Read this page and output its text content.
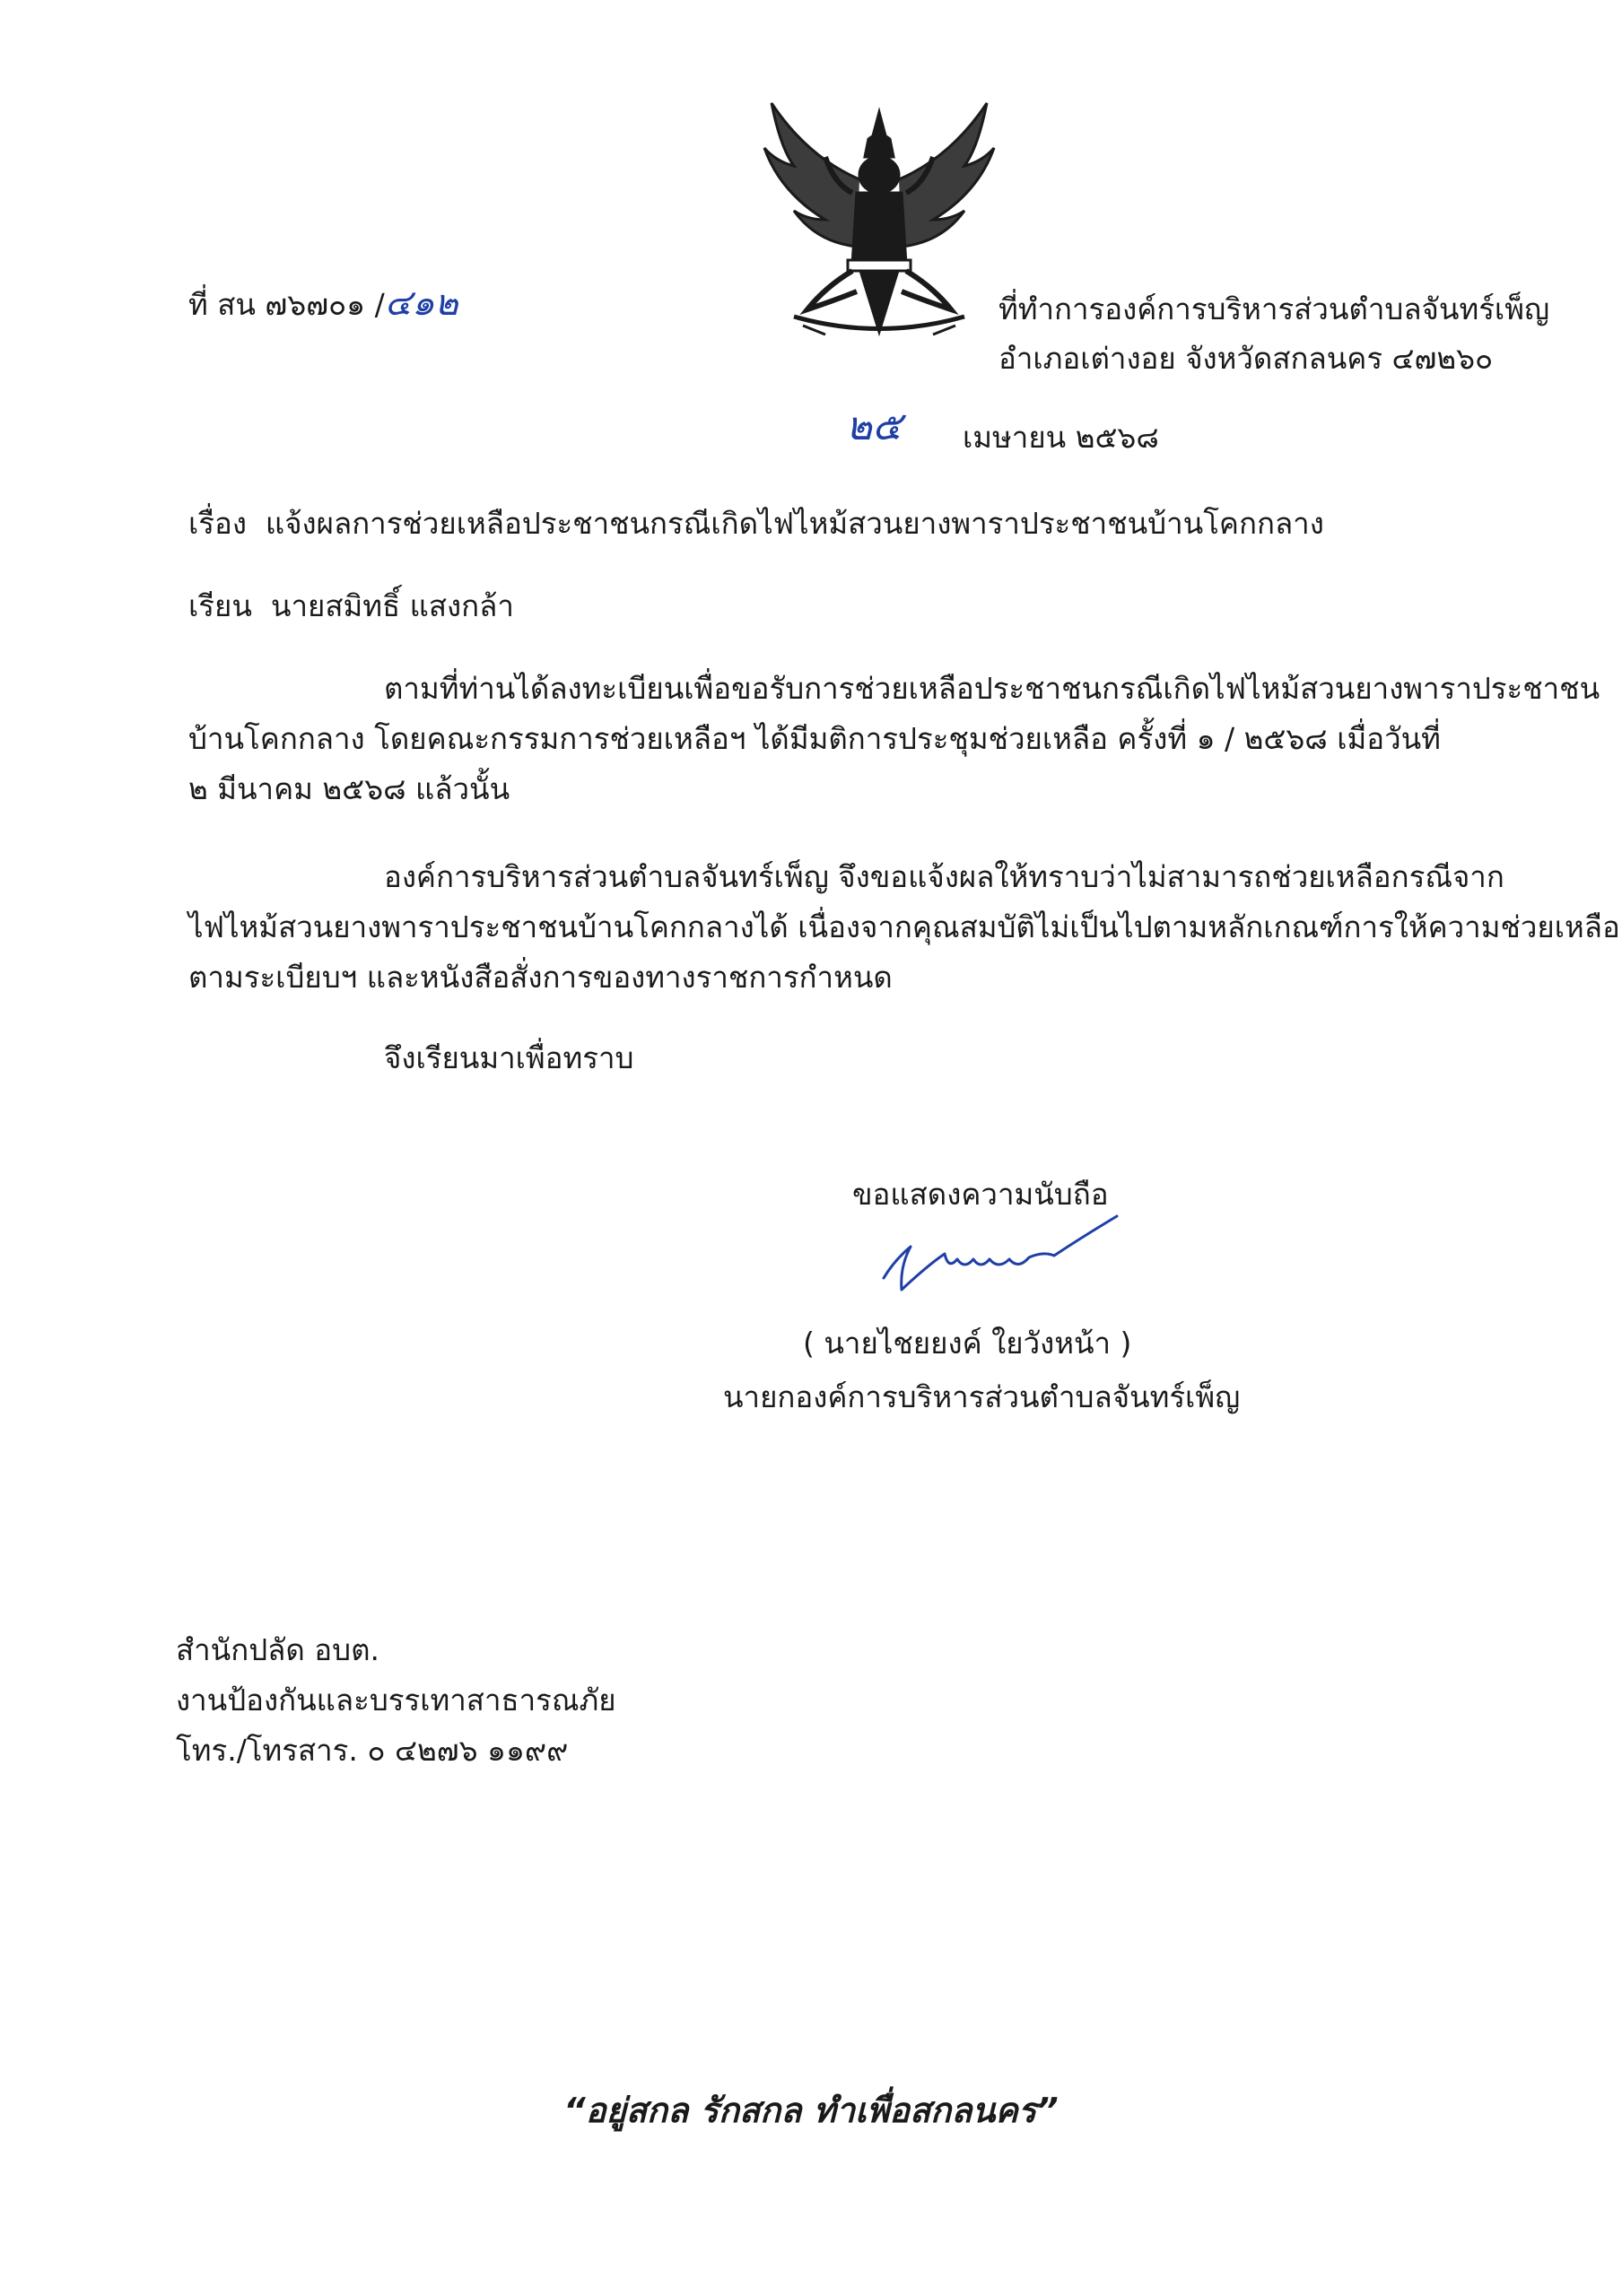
ที่ สน ๗๖๗๐๑ /๔๑๒	ที่ทำการองค์การบริหารส่วนตำบลจันทร์เพ็ญ
อำเภอเต่างอย จังหวัดสกลนคร ๔๗๒๖๐
๒๕ เมษายน ๒๕๖๘
เรื่อง แจ้งผลการช่วยเหลือประชาชนกรณีเกิดไฟไหม้สวนยางพาราประชาชนบ้านโคกกลาง
เรียน นายสมิทธิ์ แสงกล้า
ตามที่ท่านได้ลงทะเบียนเพื่อขอรับการช่วยเหลือประชาชนกรณีเกิดไฟไหม้สวนยางพาราประชาชน
บ้านโคกกลาง โดยคณะกรรมการช่วยเหลือฯ ได้มีมติการประชุมช่วยเหลือ ครั้งที่ ๑ / ๒๕๖๘ เมื่อวันที่
๒ มีนาคม ๒๕๖๘ แล้วนั้น
องค์การบริหารส่วนตำบลจันทร์เพ็ญ จึงขอแจ้งผลให้ทราบว่าไม่สามารถช่วยเหลือกรณีจาก
ไฟไหม้สวนยางพาราประชาชนบ้านโคกกลางได้ เนื่องจากคุณสมบัติไม่เป็นไปตามหลักเกณฑ์การให้ความช่วยเหลือ
ตามระเบียบฯ และหนังสือสั่งการของทางราชการกำหนด
จึงเรียนมาเพื่อทราบ
ขอแสดงความนับถือ
( นายไชยยงค์ ใยวังหน้า )
นายกองค์การบริหารส่วนตำบลจันทร์เพ็ญ
สำนักปลัด อบต.
งานป้องกันและบรรเทาสาธารณภัย
โทร./โทรสาร. ๐ ๔๒๗๖ ๑๑๙๙
“อยู่สกล รักสกล ทำเพื่อสกลนคร”
